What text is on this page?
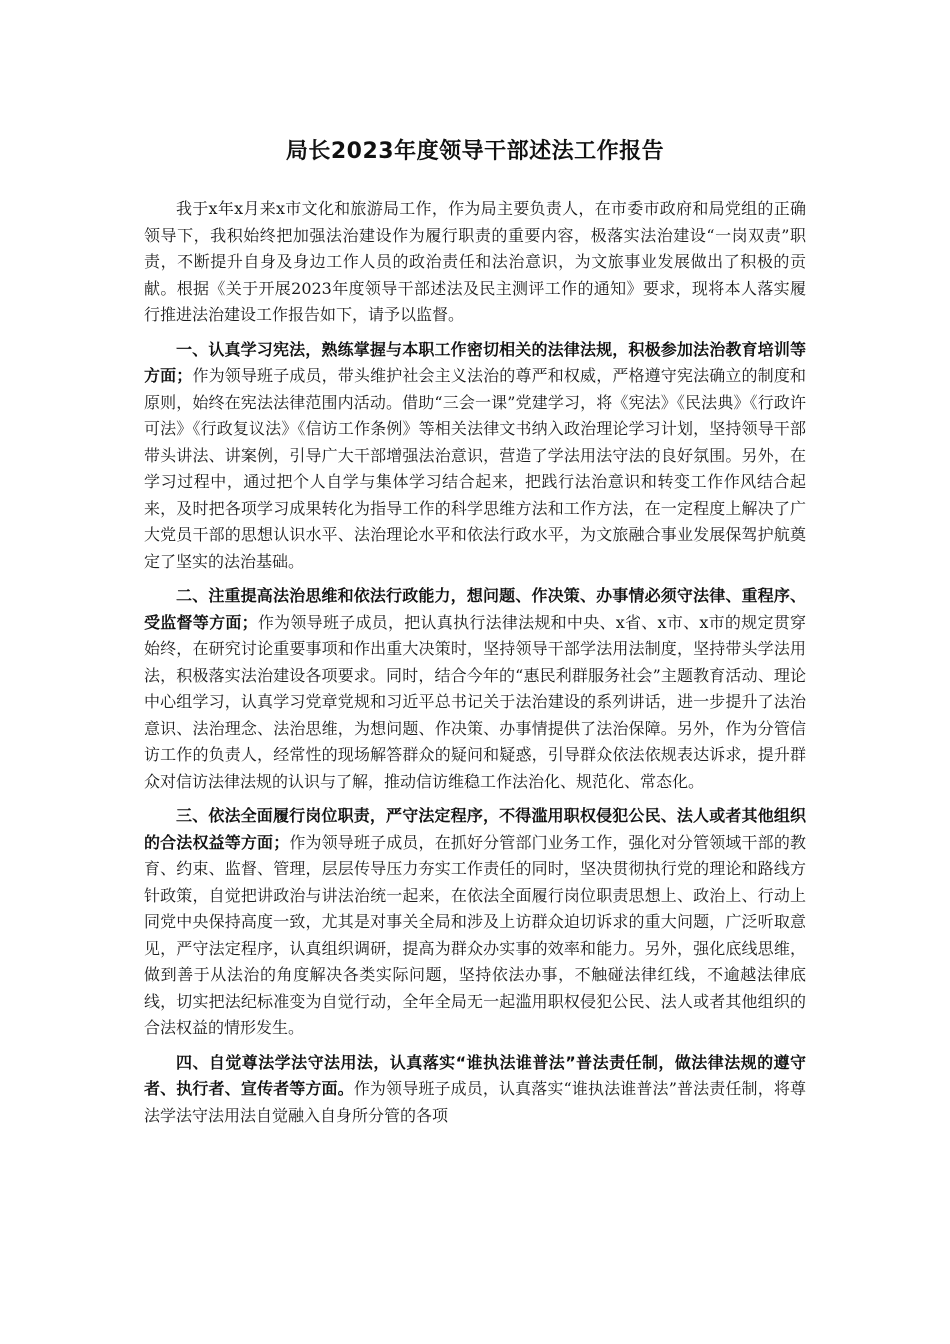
局长2023年度领导干部述法工作报告

我于x年x月来x市文化和旅游局工作，作为局主要负责人，在市委市政府和局党组的正确领导下，我积始终把加强法治建设作为履行职责的重要内容，极落实法治建设“一岗双责”职责，不断提升自身及身边工作人员的政治责任和法治意识，为文旅事业发展做出了积极的贡献。根据《关于开展2023年度领导干部述法及民主测评工作的通知》要求，现将本人落实履行推进法治建设工作报告如下，请予以监督。

一、认真学习宪法，熟练掌握与本职工作密切相关的法律法规，积极参加法治教育培训等方面；作为领导班子成员，带头维护社会主义法治的尊严和权威，严格遵守宪法确立的制度和原则，始终在宪法法律范围内活动。借助“三会一课”党建学习，将《宪法》《民法典》《行政许可法》《行政复议法》《信访工作条例》等相关法律文书纳入政治理论学习计划，坚持领导干部带头讲法、讲案例，引导广大干部增强法治意识，营造了学法用法守法的良好氛围。另外，在学习过程中，通过把个人自学与集体学习结合起来，把践行法治意识和转变工作作风结合起来，及时把各项学习成果转化为指导工作的科学思维方法和工作方法，在一定程度上解决了广大党员干部的思想认识水平、法治理论水平和依法行政水平，为文旅融合事业发展保驾护航奠定了坚实的法治基础。

二、注重提高法治思维和依法行政能力，想问题、作决策、办事情必须守法律、重程序、受监督等方面；作为领导班子成员，把认真执行法律法规和中央、x省、x市、x市的规定贯穿始终，在研究讨论重要事项和作出重大决策时，坚持领导干部学法用法制度，坚持带头学法用法，积极落实法治建设各项要求。同时，结合今年的“惠民利群服务社会”主题教育活动、理论中心组学习，认真学习党章党规和习近平总书记关于法治建设的系列讲话，进一步提升了法治意识、法治理念、法治思维，为想问题、作决策、办事情提供了法治保障。另外，作为分管信访工作的负责人，经常性的现场解答群众的疑问和疑惑，引导群众依法依规表达诉求，提升群众对信访法律法规的认识与了解，推动信访维稳工作法治化、规范化、常态化。

三、依法全面履行岗位职责，严守法定程序，不得滥用职权侵犯公民、法人或者其他组织的合法权益等方面；作为领导班子成员，在抓好分管部门业务工作，强化对分管领域干部的教育、约束、监督、管理，层层传导压力夯实工作责任的同时，坚决贯彻执行党的理论和路线方针政策，自觉把讲政治与讲法治统一起来，在依法全面履行岗位职责思想上、政治上、行动上同党中央保持高度一致，尤其是对事关全局和涉及上访群众迫切诉求的重大问题，广泛听取意见，严守法定程序，认真组织调研，提高为群众办实事的效率和能力。另外，强化底线思维，做到善于从法治的角度解决各类实际问题，坚持依法办事，不触碰法律红线，不逾越法律底线，切实把法纪标准变为自觉行动，全年全局无一起滥用职权侵犯公民、法人或者其他组织的合法权益的情形发生。

四、自觉尊法学法守法用法，认真落实“谁执法谁普法”普法责任制，做法律法规的遵守者、执行者、宣传者等方面。作为领导班子成员，认真落实“谁执法谁普法”普法责任制，将尊法学法守法用法自觉融入自身所分管的各项
